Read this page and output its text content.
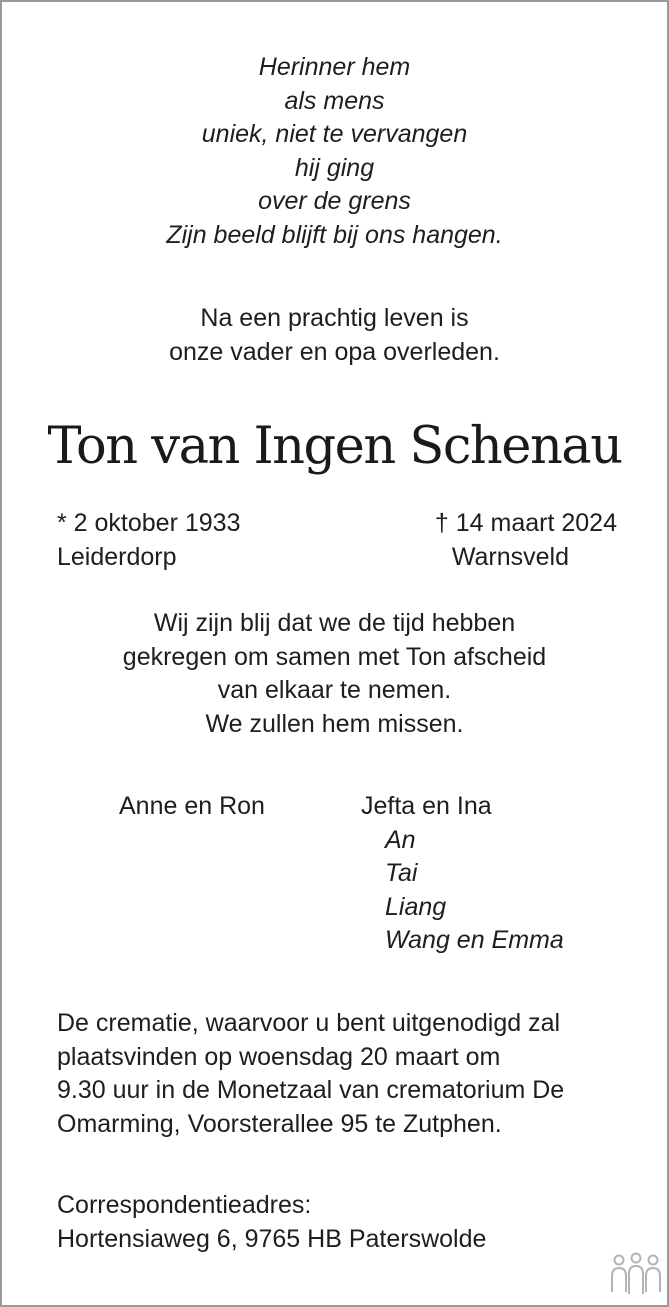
Herinner hem
als mens
uniek, niet te vervangen
hij ging
over de grens
Zijn beeld blijft bij ons hangen.
Na een prachtig leven is
onze vader en opa overleden.
Ton van Ingen Schenau
* 2 oktober 1933
Leiderdorp
† 14 maart 2024
Warnsveld
Wij zijn blij dat we de tijd hebben
gekregen om samen met Ton afscheid
van elkaar te nemen.
We zullen hem missen.
Anne en Ron	Jefta en Ina
An
Tai
Liang
Wang en Emma
De crematie, waarvoor u bent uitgenodigd zal
plaatsvinden op woensdag 20 maart om
9.30 uur in de Monetzaal van crematorium De
Omarming, Voorsterallee 95 te Zutphen.
Correspondentieadres:
Hortensiaweg 6, 9765 HB Paterswolde
